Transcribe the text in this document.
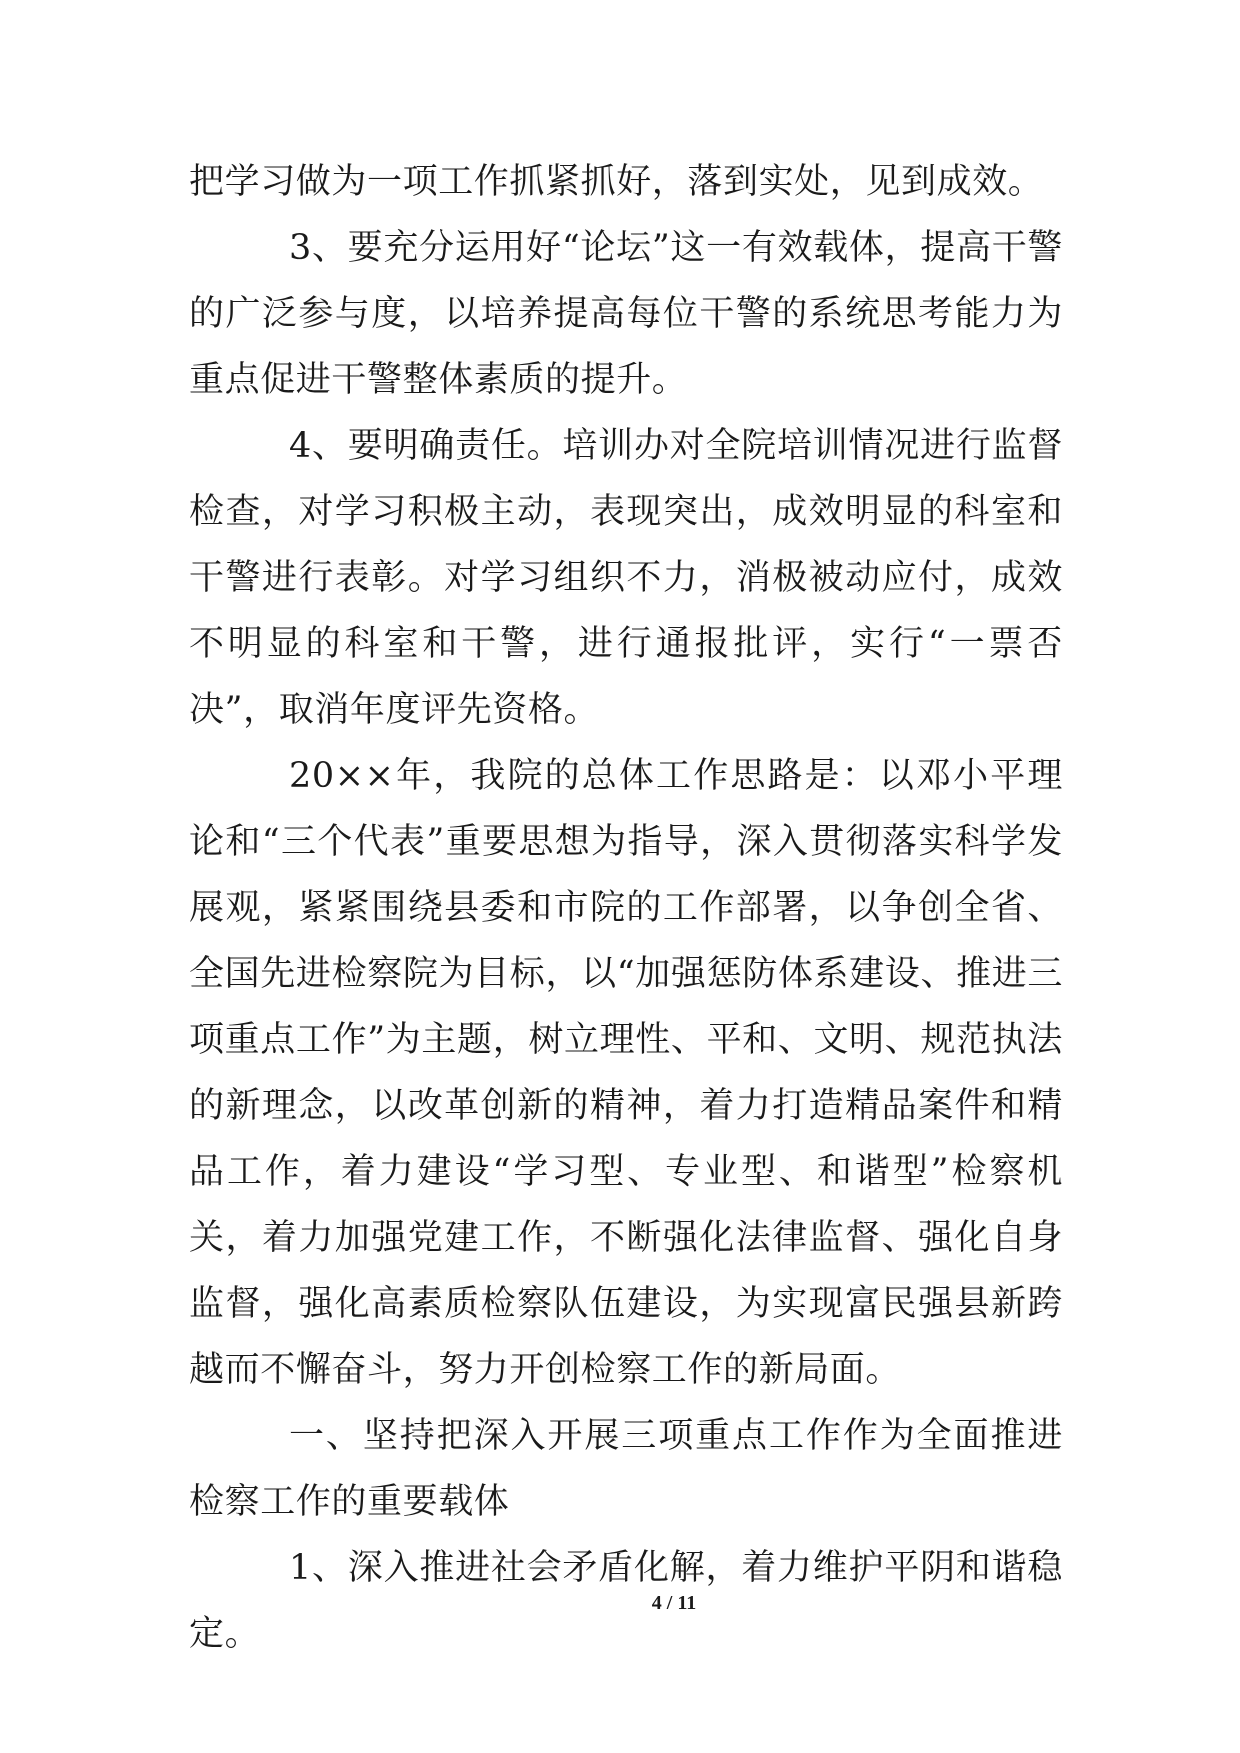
把学习做为一项工作抓紧抓好，落到实处，见到成效。

3、要充分运用好“论坛”这一有效载体，提高干警的广泛参与度，以培养提高每位干警的系统思考能力为重点促进干警整体素质的提升。

4、要明确责任。培训办对全院培训情况进行监督检查，对学习积极主动，表现突出，成效明显的科室和干警进行表彰。对学习组织不力，消极被动应付，成效不明显的科室和干警，进行通报批评，实行“一票否决”，取消年度评先资格。

20××年，我院的总体工作思路是：以邓小平理论和“三个代表”重要思想为指导，深入贯彻落实科学发展观，紧紧围绕县委和市院的工作部署，以争创全省、全国先进检察院为目标，以“加强惩防体系建设、推进三项重点工作”为主题，树立理性、平和、文明、规范执法的新理念，以改革创新的精神，着力打造精品案件和精品工作，着力建设“学习型、专业型、和谐型”检察机关，着力加强党建工作，不断强化法律监督、强化自身监督，强化高素质检察队伍建设，为实现富民强县新跨越而不懈奋斗，努力开创检察工作的新局面。

一、坚持把深入开展三项重点工作作为全面推进检察工作的重要载体

1、深入推进社会矛盾化解，着力维护平阴和谐稳定。

4 / 11
